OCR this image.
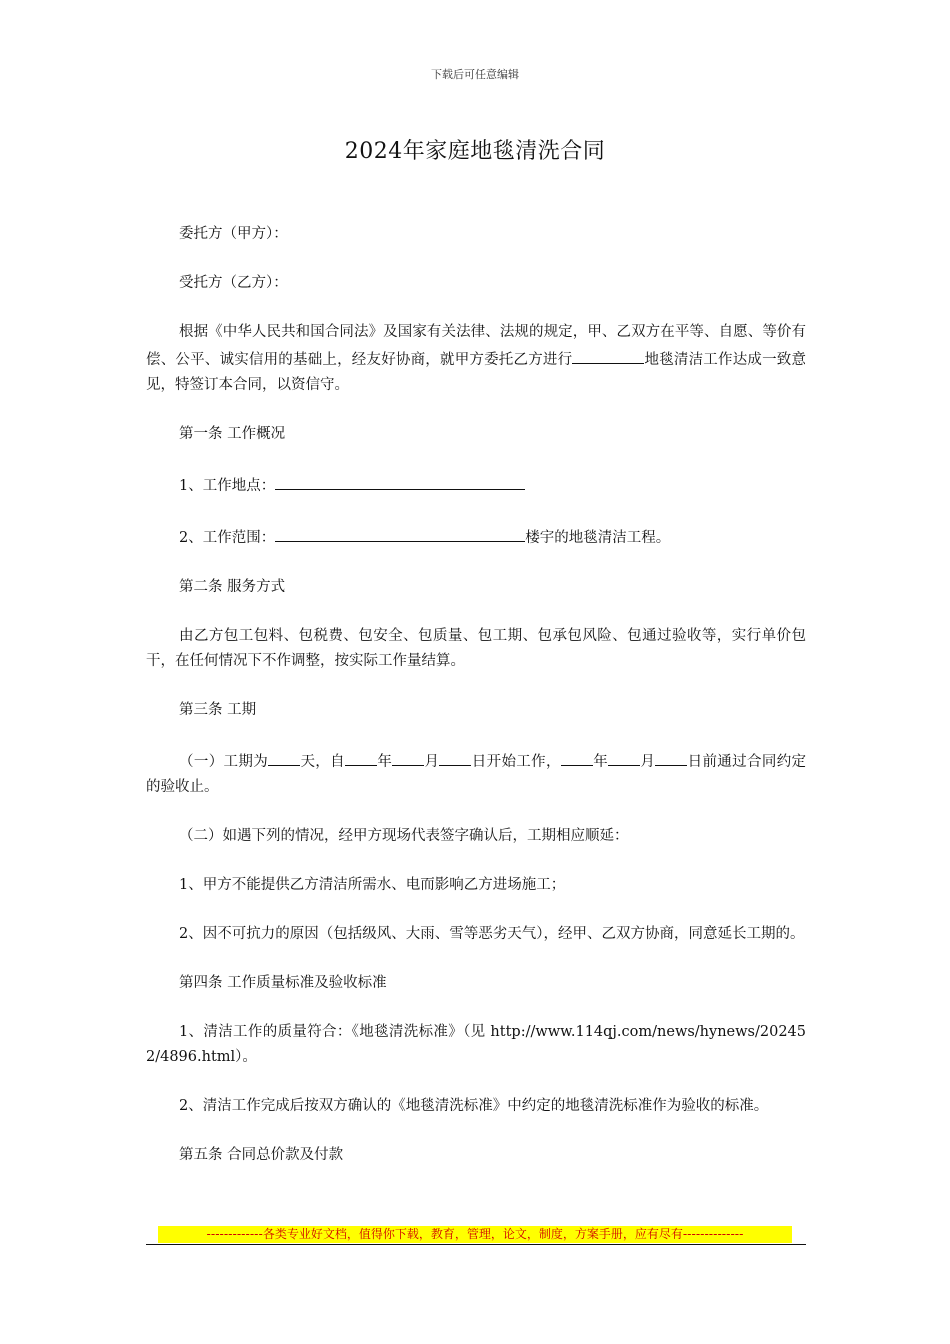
下载后可任意编辑
2024年家庭地毯清洗合同

委托方（甲方）：

受托方（乙方）：

根据《中华人民共和国合同法》及国家有关法律、法规的规定，甲、乙双方在平等、自愿、等价有偿、公平、诚实信用的基础上，经友好协商，就甲方委托乙方进行	地毯清洁工作达成一致意见，特签订本合同，以资信守。

第一条 工作概况

1、工作地点：

2、工作范围：	楼宇的地毯清洁工程。

第二条 服务方式

由乙方包工包料、包税费、包安全、包质量、包工期、包承包风险、包通过验收等，实行单价包干，在任何情况下不作调整，按实际工作量结算。

第三条 工期

（一）工期为 天，自 年 月 日开始工作， 年 月 日前通过合同约定的验收止。

（二）如遇下列的情况，经甲方现场代表签字确认后，工期相应顺延：

1、甲方不能提供乙方清洁所需水、电而影响乙方进场施工；

2、因不可抗力的原因（包括级风、大雨、雪等恶劣天气），经甲、乙双方协商，同意延长工期的。

第四条 工作质量标准及验收标准

1、清洁工作的质量符合：《地毯清洗标准》（见 http://www.114qj.com/news/hynews/202452/4896.html）。

2、清洁工作完成后按双方确认的《地毯清洗标准》中约定的地毯清洗标准作为验收的标准。

第五条 合同总价款及付款

-------------各类专业好文档，值得你下载，教育，管理，论文，制度，方案手册，应有尽有--------------
